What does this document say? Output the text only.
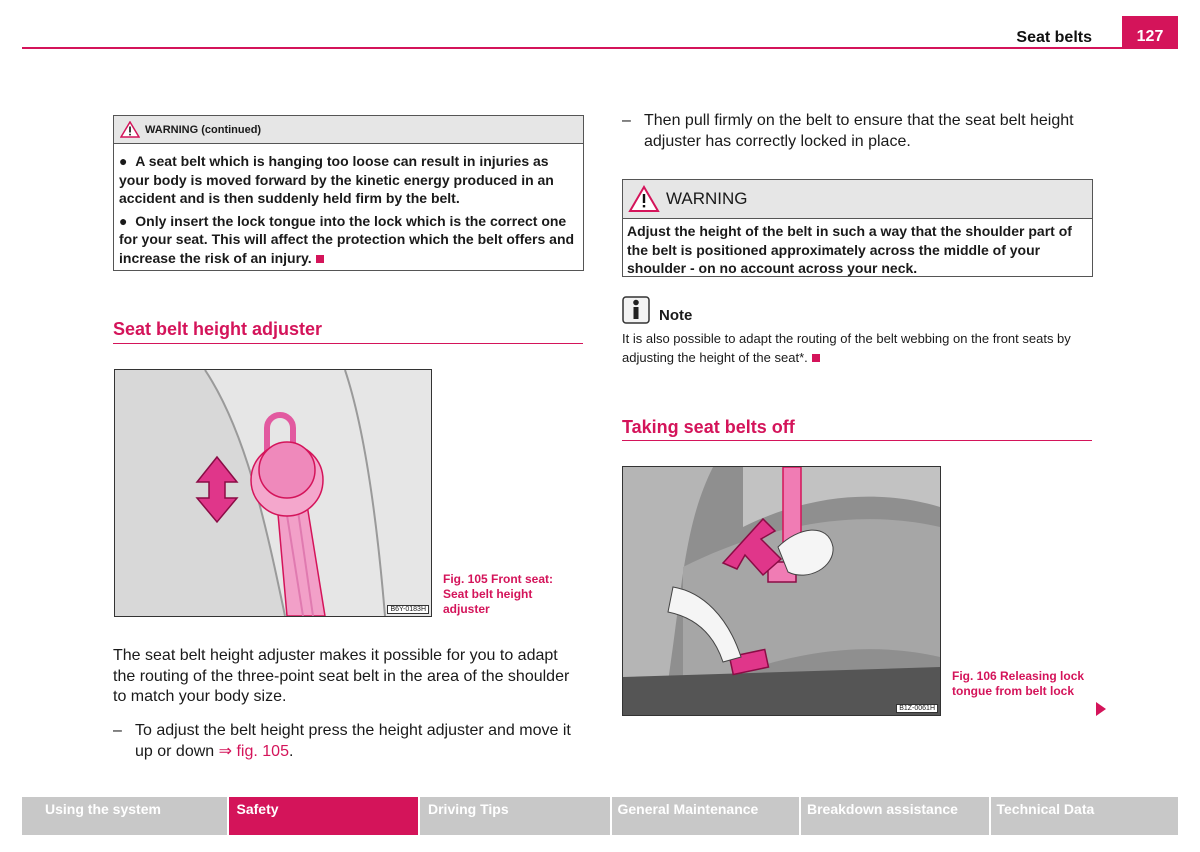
Seat belts	127
WARNING (continued)

●  A seat belt which is hanging too loose can result in injuries as your body is moved forward by the kinetic energy produced in an accident and is then suddenly held firm by the belt.

●  Only insert the lock tongue into the lock which is the correct one for your seat. This will affect the protection which the belt offers and increase the risk of an injury.

Seat belt height adjuster
B6Y-0183H
Fig. 105 Front seat: Seat belt height adjuster
The seat belt height adjuster makes it possible for you to adapt the routing of the three-point seat belt in the area of the shoulder to match your body size.
– To adjust the belt height press the height adjuster and move it up or down ⇒ fig. 105.
– Then pull firmly on the belt to ensure that the seat belt height adjuster has correctly locked in place.
WARNING

Adjust the height of the belt in such a way that the shoulder part of the belt is positioned approximately across the middle of your shoulder - on no account across your neck.

Note
It is also possible to adapt the routing of the belt webbing on the front seats by adjusting the height of the seat*.
Taking seat belts off
B1Z-0061H
Fig. 106 Releasing lock tongue from belt lock
Using the system	Safety	Driving Tips	General Maintenance	Breakdown assistance	Technical Data
